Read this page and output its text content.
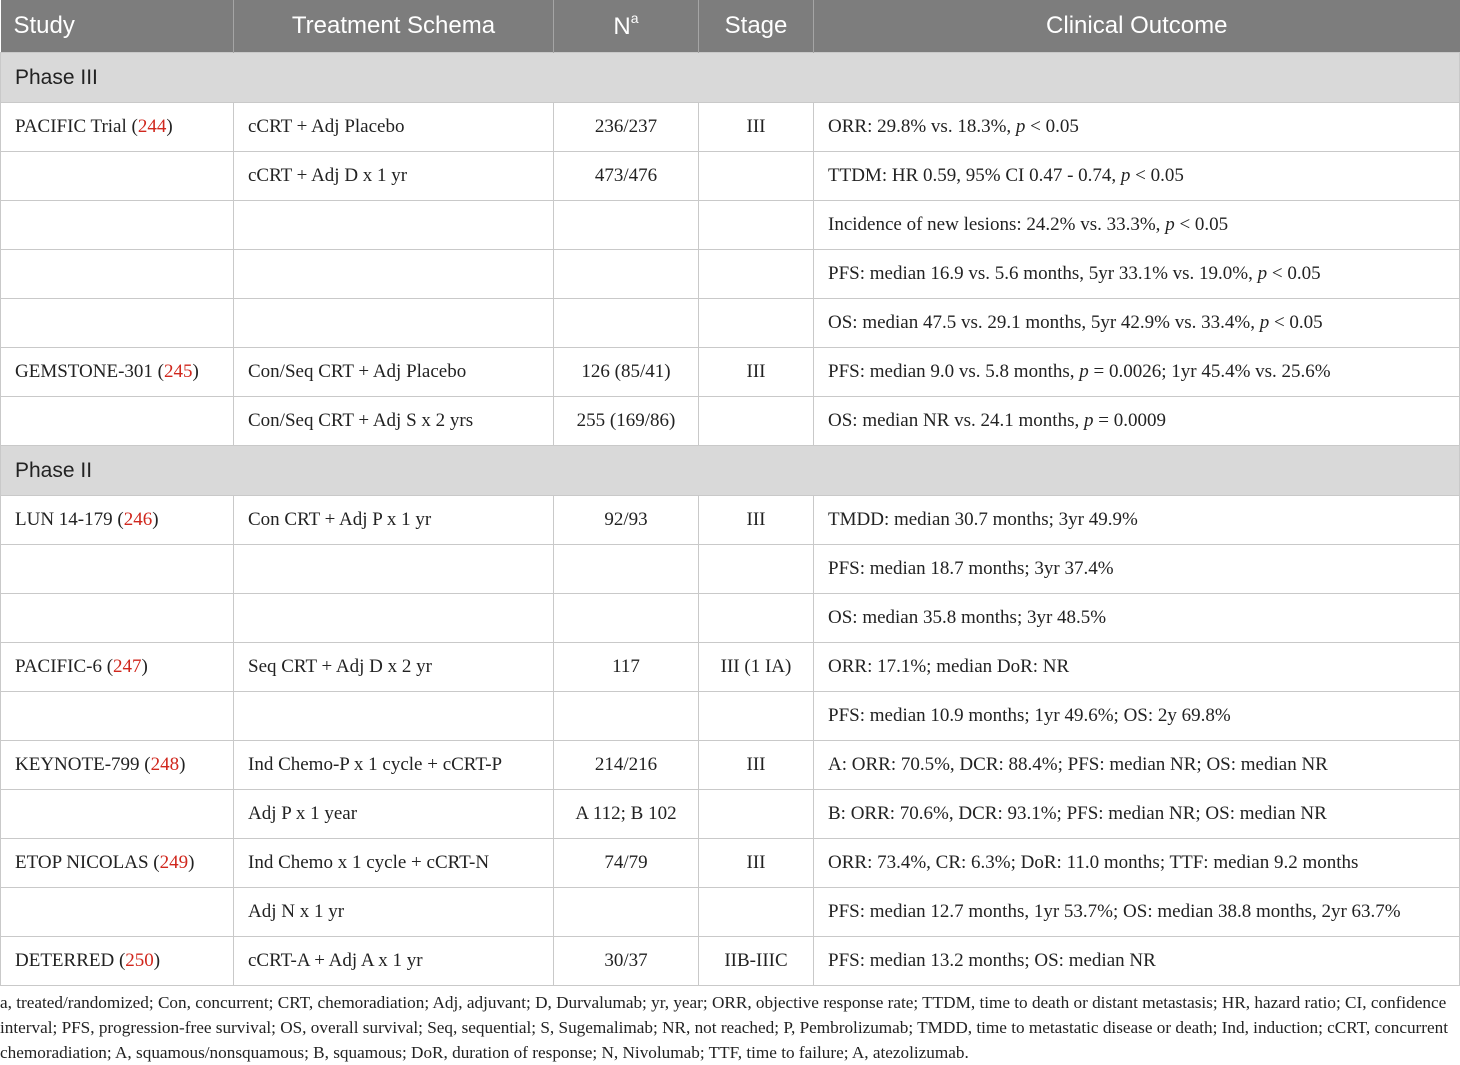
Study	Treatment Schema	$N^a$	Stage	Clinical Outcome
Phase III				
PACIFIC Trial (244)	cCRT + Adj Placebo	236/237	III	ORR: 29.8% vs. 18.3%, p < 0.05
	cCRT + Adj D x 1 yr	473/476		TTDM: HR 0.59, 95% CI 0.47 - 0.74, p < 0.05
				Incidence of new lesions: 24.2% vs. 33.3%, p < 0.05
				PFS: median 16.9 vs. 5.6 months, 5yr 33.1% vs. 19.0%, p < 0.05
				OS: median 47.5 vs. 29.1 months, 5yr 42.9% vs. 33.4%, p < 0.05
GEMSTONE-301 (245)	Con/Seq CRT + Adj Placebo	126 (85/41)	III	PFS: median 9.0 vs. 5.8 months, p = 0.0026; 1yr 45.4% vs. 25.6%
	Con/Seq CRT + Adj S x 2 yrs	255 (169/86)		OS: median NR vs. 24.1 months, p = 0.0009
Phase II				
LUN 14-179 (246)	Con CRT + Adj P x 1 yr	92/93	III	TMDD: median 30.7 months; 3yr 49.9%
				PFS: median 18.7 months; 3yr 37.4%
				OS: median 35.8 months; 3yr 48.5%
PACIFIC-6 (247)	Seq CRT + Adj D x 2 yr	117	III (1 IA)	ORR: 17.1%; median DoR: NR
				PFS: median 10.9 months; 1yr 49.6%; OS: 2y 69.8%
KEYNOTE-799 (248)	Ind Chemo-P x 1 cycle + cCRT-P	214/216	III	A: ORR: 70.5%, DCR: 88.4%; PFS: median NR; OS: median NR
	Adj P x 1 year	A 112; B 102		B: ORR: 70.6%, DCR: 93.1%; PFS: median NR; OS: median NR
ETOP NICOLAS (249)	Ind Chemo x 1 cycle + cCRT-N	74/79	III	ORR: 73.4%, CR: 6.3%; DoR: 11.0 months; TTF: median 9.2 months
	Adj N x 1 yr			PFS: median 12.7 months, 1yr 53.7%; OS: median 38.8 months, 2yr 63.7%
DETERRED (250)	cCRT-A + Adj A x 1 yr	30/37	IIB-IIIC	PFS: median 13.2 months; OS: median NR
a, treated/randomized; Con, concurrent; CRT, chemoradiation; Adj, adjuvant; D, Durvalumab; yr, year; ORR, objective response rate; TTDM, time to death or distant metastasis; HR, hazard ratio; CI, confidence interval; PFS, progression-free survival; OS, overall survival; Seq, sequential; S, Sugemalimab; NR, not reached; P, Pembrolizumab; TMDD, time to metastatic disease or death; Ind, induction; cCRT, concurrent chemoradiation; A, squamous/nonsquamous; B, squamous; DoR, duration of response; N, Nivolumab; TTF, time to failure; A, atezolizumab.
